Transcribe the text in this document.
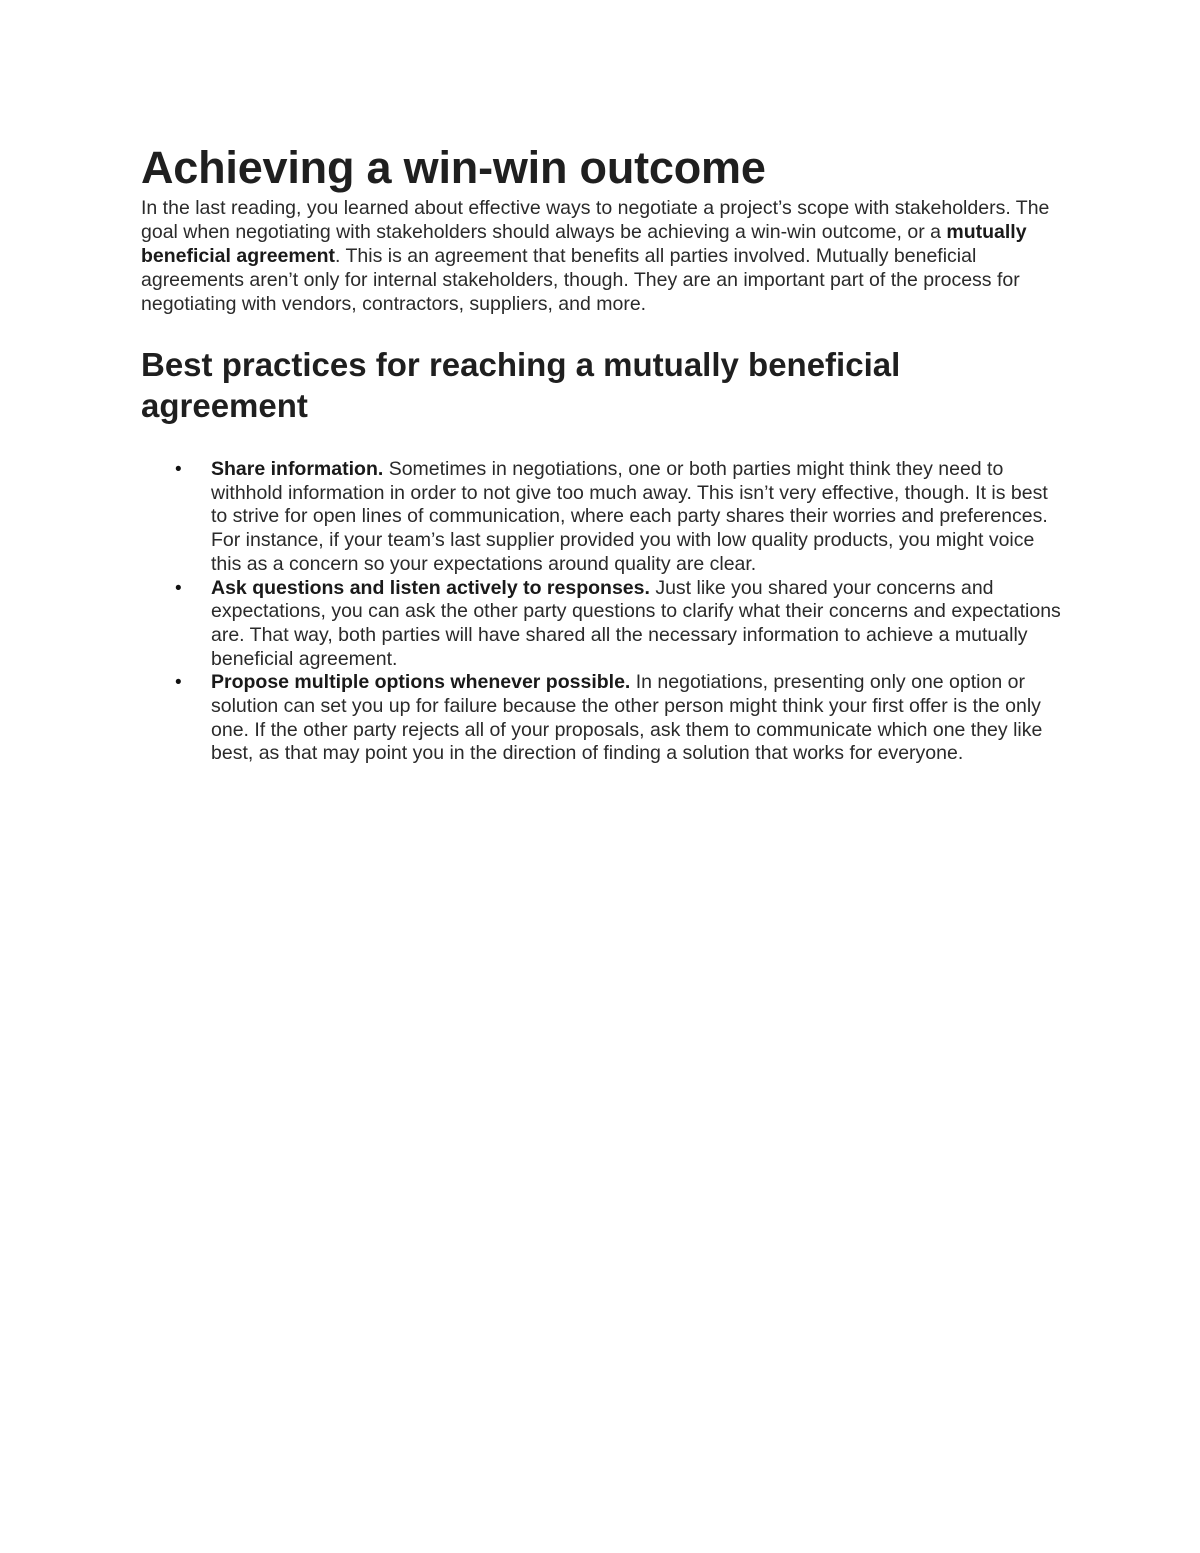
Achieving a win-win outcome

In the last reading, you learned about effective ways to negotiate a project’s scope with stakeholders. The goal when negotiating with stakeholders should always be achieving a win-win outcome, or a mutually beneficial agreement. This is an agreement that benefits all parties involved. Mutually beneficial agreements aren’t only for internal stakeholders, though. They are an important part of the process for negotiating with vendors, contractors, suppliers, and more.

Best practices for reaching a mutually beneficial agreement
• Share information. Sometimes in negotiations, one or both parties might think they need to withhold information in order to not give too much away. This isn’t very effective, though. It is best to strive for open lines of communication, where each party shares their worries and preferences. For instance, if your team’s last supplier provided you with low quality products, you might voice this as a concern so your expectations around quality are clear.
• Ask questions and listen actively to responses. Just like you shared your concerns and expectations, you can ask the other party questions to clarify what their concerns and expectations are. That way, both parties will have shared all the necessary information to achieve a mutually beneficial agreement.
• Propose multiple options whenever possible. In negotiations, presenting only one option or solution can set you up for failure because the other person might think your first offer is the only one. If the other party rejects all of your proposals, ask them to communicate which one they like best, as that may point you in the direction of finding a solution that works for everyone.
